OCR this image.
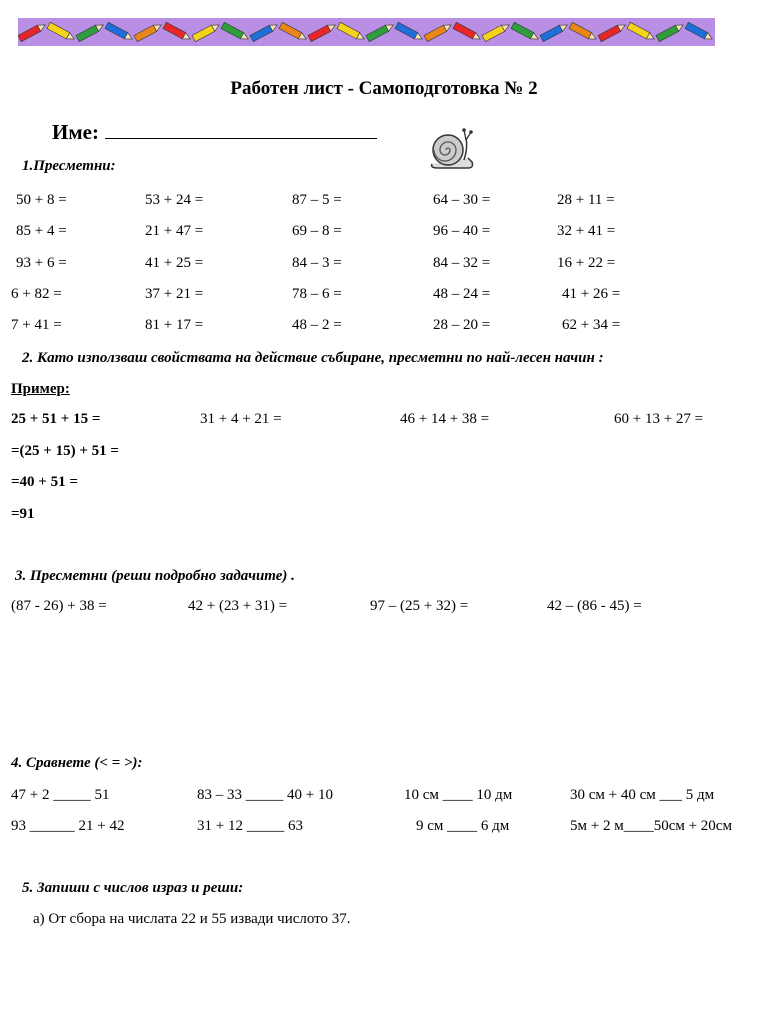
Работен лист - Самоподготовка № 2
Име:
1.Пресметни:
50 + 8 =	53 + 24 =	87 – 5 =	64 – 30 =	28 + 11 =
85 + 4 =	21 + 47 =	69 – 8 =	96 – 40 =	32 + 41 =
93 + 6 =	41 + 25 =	84 – 3 =	84 – 32 =	16 + 22 =
6 + 82 =	37 + 21 =	78 – 6 =	48 – 24 =	41 + 26 =
7 + 41 =	81 + 17 =	48 – 2 =	28 – 20 =	62 + 34 =
2. Като използваш свойствата на действие събиране, пресметни по най-лесен начин :
Пример:
25 + 51 + 15 =
=(25 + 15) + 51 =
=40 + 51 =
=91
31 + 4 + 21 =	46 + 14 + 38 =	60 + 13 + 27 =
3. Пресметни (реши подробно задачите) .
(87 - 26) + 38 =	42 + (23 + 31) =	97 – (25 + 32) =	42 – (86 - 45) =
4. Сравнете (< = >):
47 + 2 _____ 51	83 – 33 _____ 40 + 10	10 см ____ 10 дм	30 см + 40 см ___ 5 дм
93 ______ 21 + 42	31 + 12 _____ 63	9 см ____ 6 дм	5м + 2 м____50см + 20см
5. Запиши с числов израз и реши:
а) От сбора на числата 22 и 55 извади числото 37.
